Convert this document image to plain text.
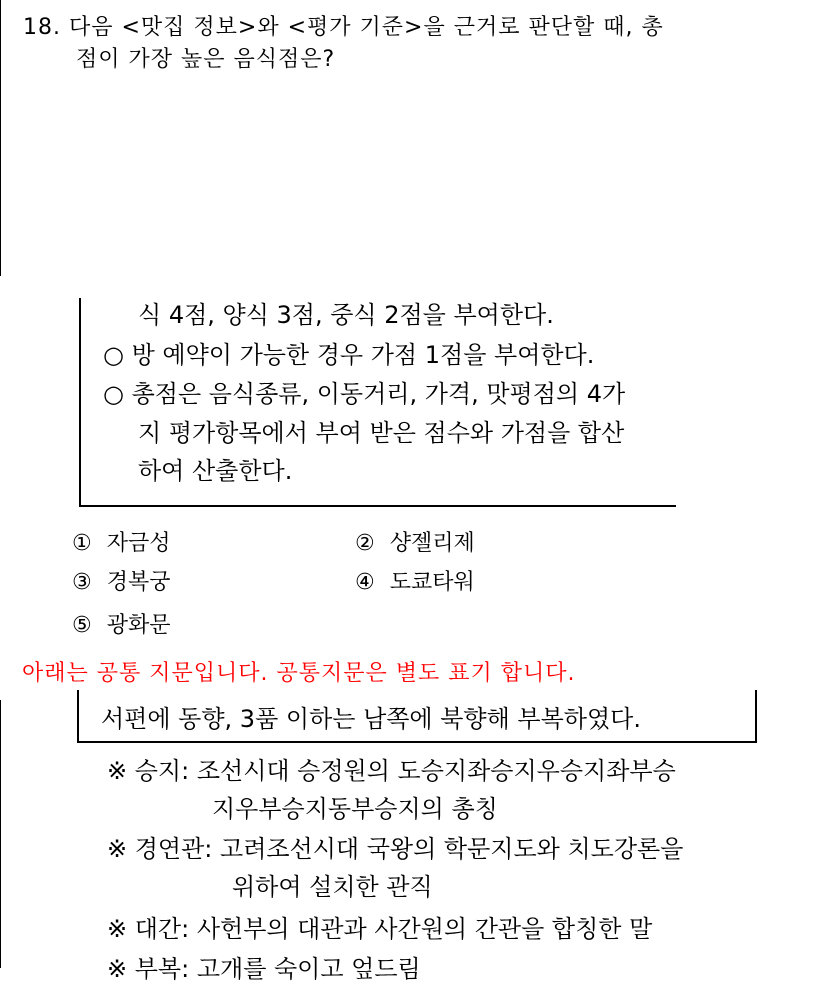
18. 다음 <맛집 정보>와 <평가 기준>을 근거로 판단할 때, 총
점이 가장 높은 음식점은?
식 4점, 양식 3점, 중식 2점을 부여한다.
○ 방 예약이 가능한 경우 가점 1점을 부여한다.
○ 총점은 음식종류, 이동거리, 가격, 맛평점의 4가
지 평가항목에서 부여 받은 점수와 가점을 합산
하여 산출한다.
① 자금성	② 샹젤리제
③ 경복궁	④ 도쿄타워
⑤ 광화문
아래는 공통 지문입니다. 공통지문은 별도 표기 합니다.
서편에 동향, 3품 이하는 남쪽에 북향해 부복하였다.
※ 승지: 조선시대 승정원의 도승지좌승지우승지좌부승
지우부승지동부승지의 총칭
※ 경연관: 고려조선시대 국왕의 학문지도와 치도강론을
위하여 설치한 관직
※ 대간: 사헌부의 대관과 사간원의 간관을 합칭한 말
※ 부복: 고개를 숙이고 엎드림
